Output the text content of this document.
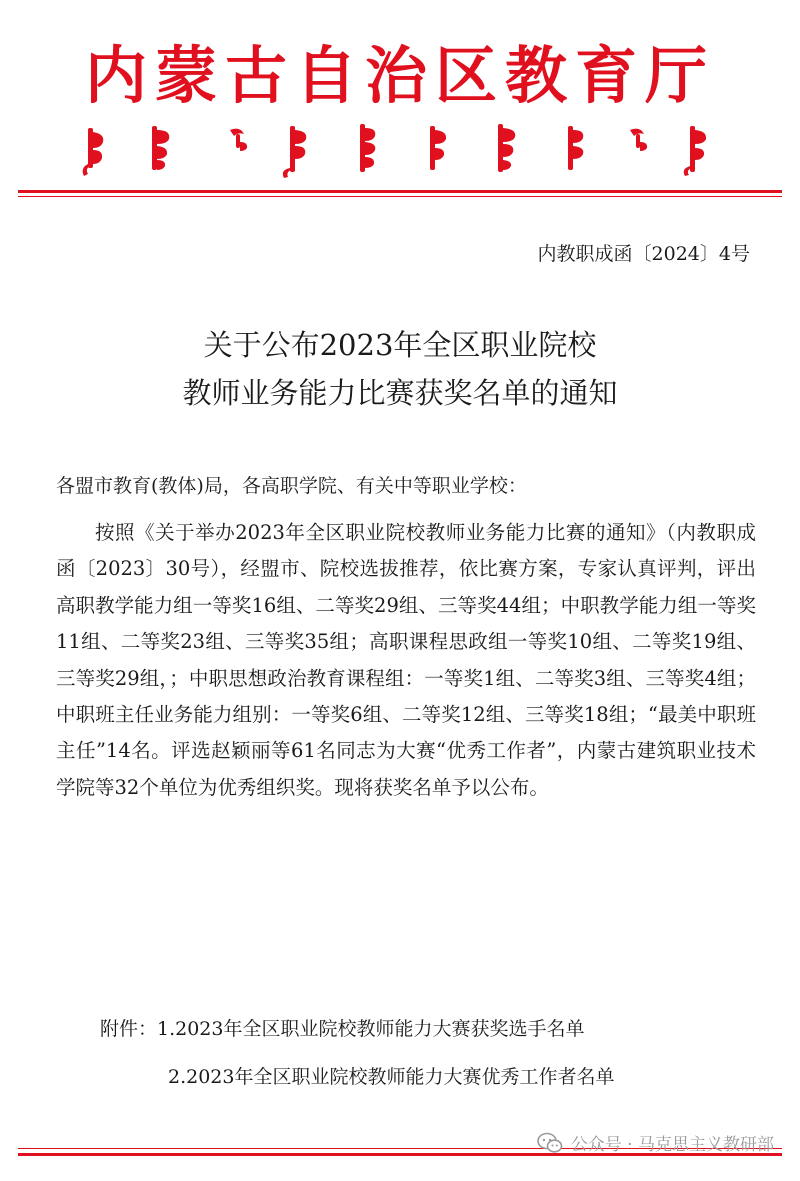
内蒙古自治区教育厅
内教职成函〔2024〕4号
关于公布2023年全区职业院校
教师业务能力比赛获奖名单的通知
各盟市教育(教体)局，各高职学院、有关中等职业学校：
按照《关于举办2023年全区职业院校教师业务能力比赛的通知》（内教职成函〔2023〕30号），经盟市、院校选拔推荐，依比赛方案，专家认真评判，评出高职教学能力组一等奖16组、二等奖29组、三等奖44组；中职教学能力组一等奖11组、二等奖23组、三等奖35组；高职课程思政组一等奖10组、二等奖19组、三等奖29组，；中职思想政治教育课程组：一等奖1组、二等奖3组、三等奖4组；中职班主任业务能力组别：一等奖6组、二等奖12组、三等奖18组；“最美中职班主任”14名。评选赵颖丽等61名同志为大赛“优秀工作者”，内蒙古建筑职业技术学院等32个单位为优秀组织奖。现将获奖名单予以公布。
附件：1.2023年全区职业院校教师能力大赛获奖选手名单
2.2023年全区职业院校教师能力大赛优秀工作者名单
公众号 · 马克思主义教研部
